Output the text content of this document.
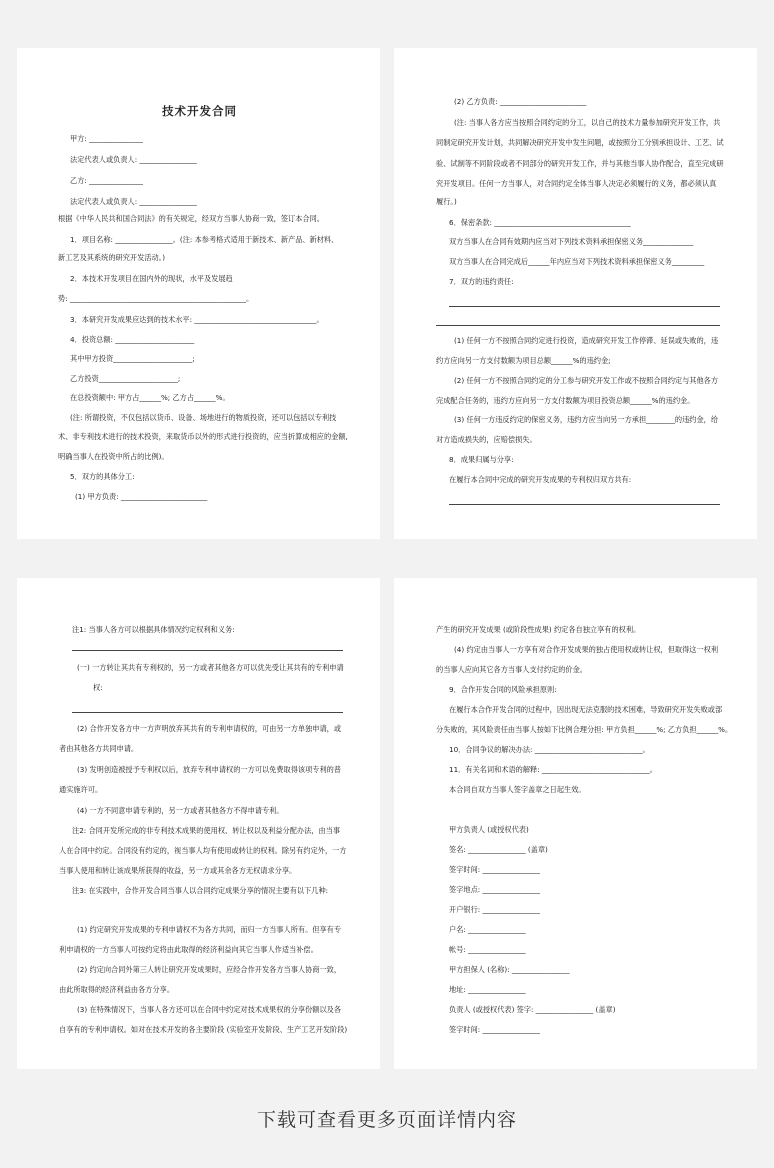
技术开发合同
甲方: _______________
法定代表人或负责人: ________________
乙方: _______________
法定代表人或负责人: ________________
根据《中华人民共和国合同法》的有关规定，经双方当事人协商一致，签订本合同。
1．项目名称: ________________。(注: 本参考格式适用于新技术、新产品、新材料、
新工艺及其系统的研究开发活动。)
2．本技术开发项目在国内外的现状，水平及发展趋
势: _________________________________________________。
3．本研究开发成果应达到的技术水平: __________________________________。
4．投资总额: ______________________
其中甲方投资______________________;
乙方投资______________________;
在总投资额中: 甲方占______%; 乙方占______%。
(注: 所谓投资，不仅包括以货币、设备、场地进行的物质投资，还可以包括以专利技
术、非专利技术进行的技术投资，来取货币以外的形式进行投资的，应当折算成相应的金额,
明确当事人在投资中所占的比例)。
5．双方的具体分工:
(1) 甲方负责: ________________________
(2) 乙方负责: ________________________
(注: 当事人各方应当按照合同约定的分工，以自己的技术力量参加研究开发工作，共
同制定研究开发计划，共同解决研究开发中发生问题，或按照分工分别承担设计、工艺、试
验、试制等不同阶段或者不同部分的研究开发工作，并与其他当事人协作配合，直至完成研
究开发项目。任何一方当事人，对合同约定全体当事人决定必须履行的义务，都必须认真
履行。)
6．保密条款: ______________________________________
双方当事人在合同有效期内应当对下列技术资料承担保密义务______________
双方当事人在合同完成后______年内应当对下列技术资料承担保密义务_________
7．双方的违约责任:
(1) 任何一方不按照合同约定进行投资，造成研究开发工作停滞、延误或失败的，违
约方应向另一方支付数额为项目总额______%的违约金;
(2) 任何一方不按照合同约定的分工参与研究开发工作或不按照合同约定与其他各方
完成配合任务的，违约方应向另一方支付数额为项目投资总额______%的违约金。
(3) 任何一方违反约定的保密义务，违约方应当向另一方承担________的违约金，给
对方造成损失的，应赔偿损失。
8．成果归属与分享:
在履行本合同中完成的研究开发成果的专利权归双方共有:
注1: 当事人各方可以根据具体情况约定权利和义务:
(一) 一方转让其共有专利权的，另一方或者其他各方可以优先受让其共有的专利申请
权:
(2) 合作开发各方中一方声明放弃其共有的专利申请权的，可由另一方单独申请，或
者由其他各方共同申请。
(3) 发明创造被授予专利权以后，放弃专利申请权的一方可以免费取得该项专利的普
通实施许可。
(4) 一方不同意申请专利的，另一方或者其他各方不得申请专利。
注2: 合同开发所完成的非专利技术成果的使用权、转让权以及利益分配办法，由当事
人在合同中约定。合同没有约定的，视当事人均有使用或转让的权利。除另有约定外，一方
当事人使用和转让该成果所获得的收益，另一方或其余各方无权请求分享。
注3: 在实践中，合作开发合同当事人以合同约定成果分享的情况主要有以下几种:
(1) 约定研究开发成果的专利申请权不为各方共同，而归一方当事人所有。但享有专
利申请权的一方当事人可按约定将由此取得的经济利益向其它当事人作适当补偿。
(2) 约定向合同外第三人转让研究开发成果时，应经合作开发各方当事人协商一致，
由此所取得的经济利益由各方分享。
(3) 在特殊情况下，当事人各方还可以在合同中约定对技术成果权的分享份额以及各
自享有的专利申请权。如对在技术开发的各主要阶段 (实验室开发阶段、生产工艺开发阶段)
产生的研究开发成果 (或阶段性成果) 约定各自独立享有的权利。
(4) 约定由当事人一方享有对合作开发成果的独占使用权或转让权，但取得这一权利
的当事人应向其它各方当事人支付约定的价金。
9．合作开发合同的风险承担原则:
在履行本合作开发合同的过程中，因出现无法克服的技术困难，导致研究开发失败或部
分失败的，其风险责任由当事人按如下比例合理分担: 甲方负担______%; 乙方负担______%。
10．合同争议的解决办法: ______________________________。
11．有关名词和术语的解释: ______________________________。
本合同自双方当事人签字盖章之日起生效。
甲方负责人 (或授权代表)
签名: ________________ (盖章)
签字时间: ________________
签字地点: ________________
开户银行: ________________
户名: ________________
帐号: ________________
甲方担保人 (名称): ________________
地址: ________________
负责人 (或授权代表) 签字: ________________ (盖章)
签字时间: ________________
下载可查看更多页面详情内容
